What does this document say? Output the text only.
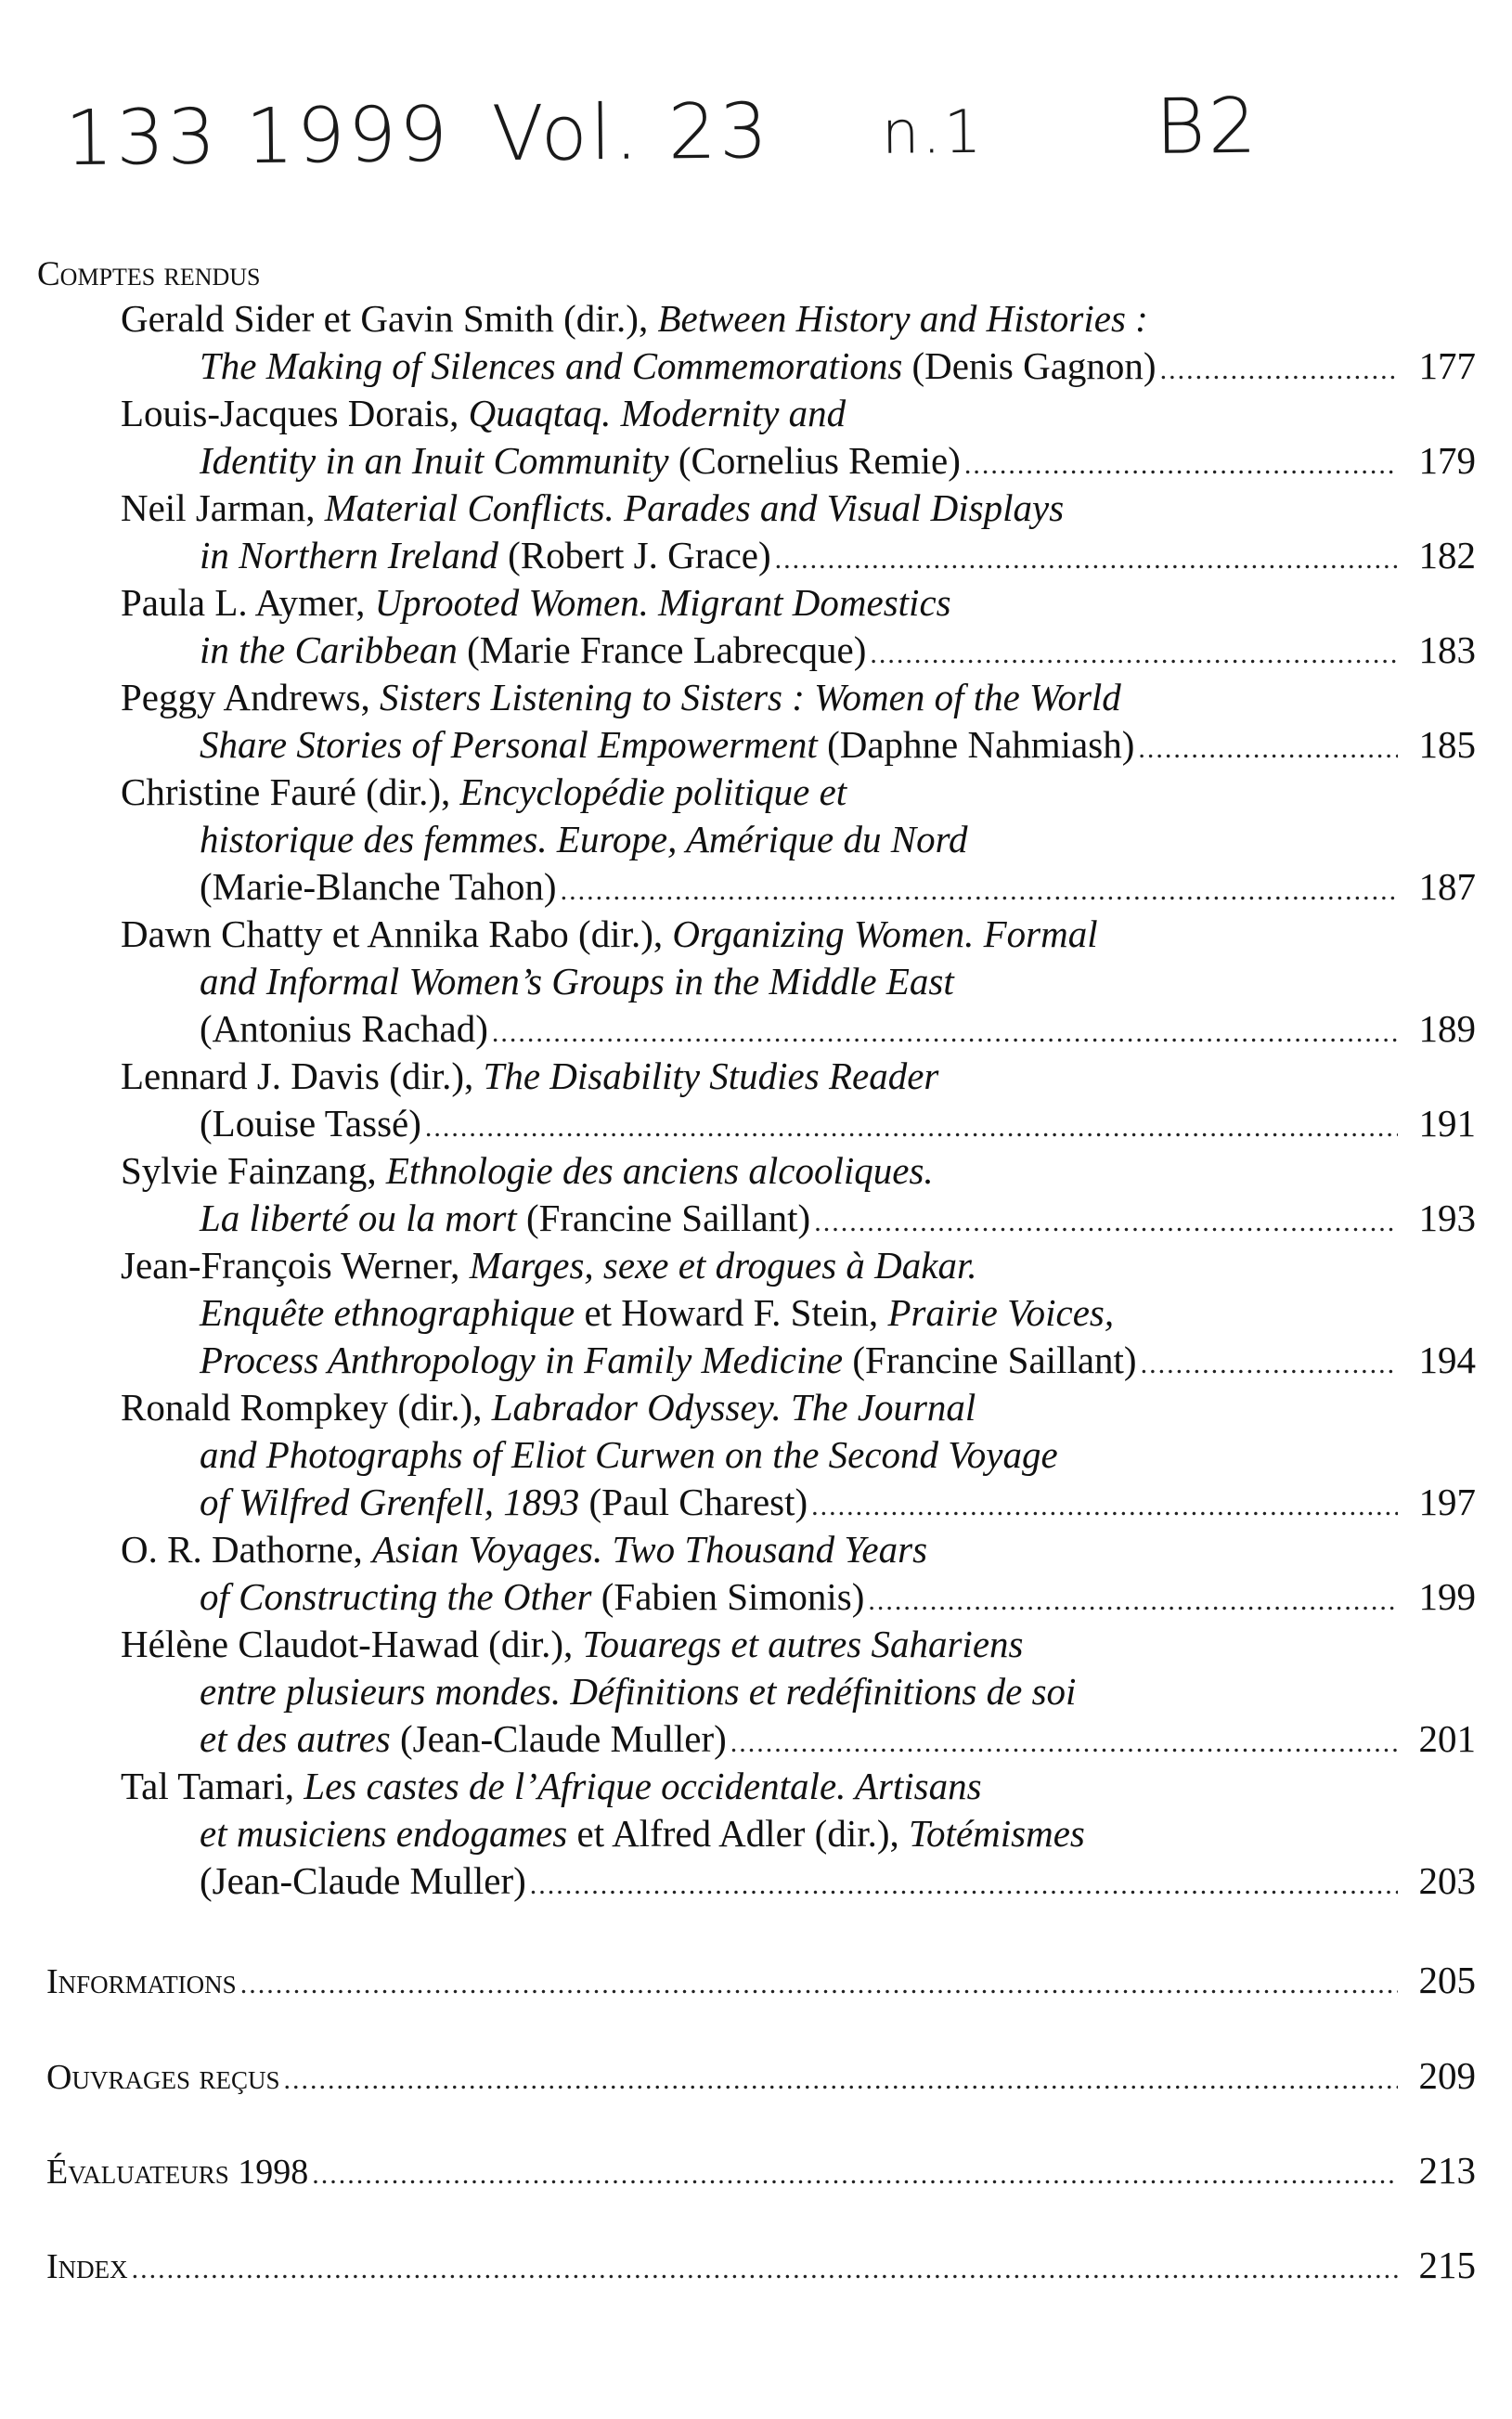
133 1999 Vol. 23 n.1 B2
Comptes rendus
Gerald Sider et Gavin Smith (dir.), Between History and Histories :
The Making of Silences and Commemorations (Denis Gagnon) .....	177
Louis-Jacques Dorais, Quaqtaq. Modernity and
Identity in an Inuit Community (Cornelius Remie) .....	179
Neil Jarman, Material Conflicts. Parades and Visual Displays
in Northern Ireland (Robert J. Grace) .....	182
Paula L. Aymer, Uprooted Women. Migrant Domestics
in the Caribbean (Marie France Labrecque) .....	183
Peggy Andrews, Sisters Listening to Sisters : Women of the World
Share Stories of Personal Empowerment (Daphne Nahmiash) .....	185
Christine Fauré (dir.), Encyclopédie politique et
historique des femmes. Europe, Amérique du Nord
(Marie-Blanche Tahon) .....	187
Dawn Chatty et Annika Rabo (dir.), Organizing Women. Formal
and Informal Women’s Groups in the Middle East
(Antonius Rachad) .....	189
Lennard J. Davis (dir.), The Disability Studies Reader
(Louise Tassé) .....	191
Sylvie Fainzang, Ethnologie des anciens alcooliques.
La liberté ou la mort (Francine Saillant) .....	193
Jean-François Werner, Marges, sexe et drogues à Dakar.
Enquête ethnographique et Howard F. Stein, Prairie Voices,
Process Anthropology in Family Medicine (Francine Saillant) .....	194
Ronald Rompkey (dir.), Labrador Odyssey. The Journal
and Photographs of Eliot Curwen on the Second Voyage
of Wilfred Grenfell, 1893 (Paul Charest) .....	197
O. R. Dathorne, Asian Voyages. Two Thousand Years
of Constructing the Other (Fabien Simonis) .....	199
Hélène Claudot-Hawad (dir.), Touaregs et autres Sahariens
entre plusieurs mondes. Définitions et redéfinitions de soi
et des autres (Jean-Claude Muller) .....	201
Tal Tamari, Les castes de l’Afrique occidentale. Artisans
et musiciens endogames et Alfred Adler (dir.), Totémismes
(Jean-Claude Muller) .....	203
Informations .....	205
Ouvrages reçus .....	209
Évaluateurs 1998 .....	213
Index .....	215
